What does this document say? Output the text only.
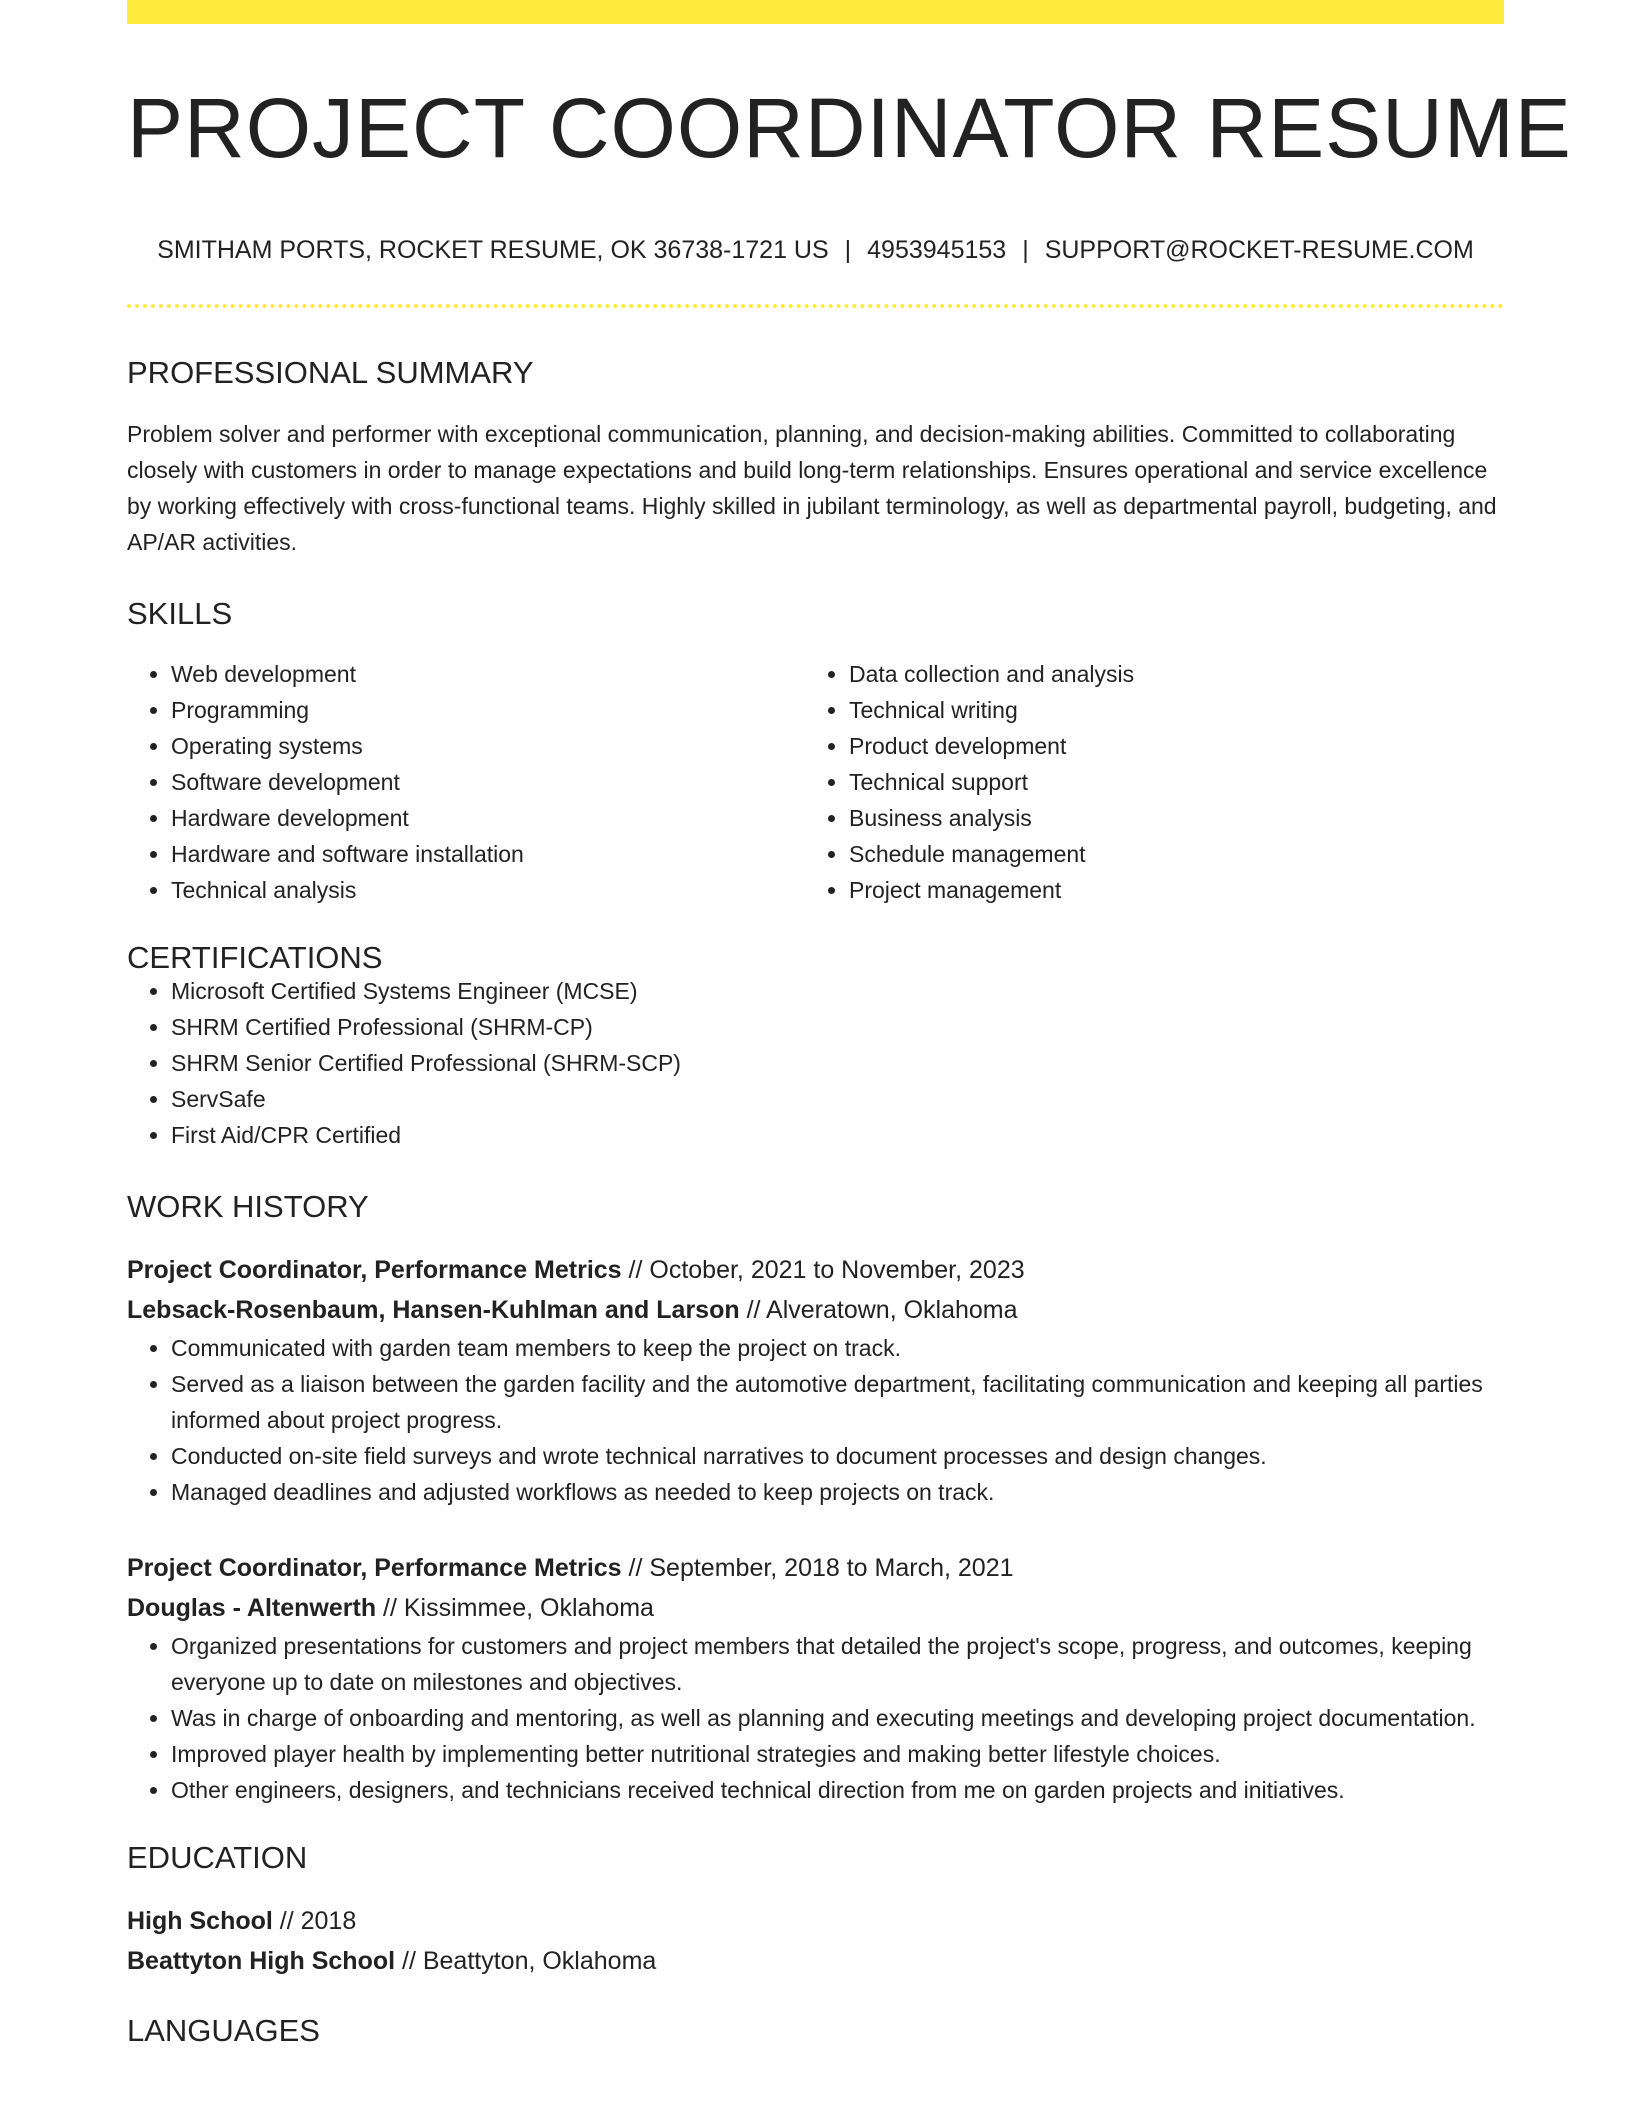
PROJECT COORDINATOR RESUME
SMITHAM PORTS, ROCKET RESUME, OK 36738-1721 US | 4953945153 | SUPPORT@ROCKET-RESUME.COM
PROFESSIONAL SUMMARY

Problem solver and performer with exceptional communication, planning, and decision-making abilities. Committed to collaborating closely with customers in order to manage expectations and build long-term relationships. Ensures operational and service excellence by working effectively with cross-functional teams. Highly skilled in jubilant terminology, as well as departmental payroll, budgeting, and AP/AR activities.

SKILLS
• Web development
• Programming
• Operating systems
• Software development
• Hardware development
• Hardware and software installation
• Technical analysis
• Data collection and analysis
• Technical writing
• Product development
• Technical support
• Business analysis
• Schedule management
• Project management
CERTIFICATIONS
• Microsoft Certified Systems Engineer (MCSE)
• SHRM Certified Professional (SHRM-CP)
• SHRM Senior Certified Professional (SHRM-SCP)
• ServSafe
• First Aid/CPR Certified
WORK HISTORY
Project Coordinator, Performance Metrics // October, 2021 to November, 2023
Lebsack-Rosenbaum, Hansen-Kuhlman and Larson // Alveratown, Oklahoma
• Communicated with garden team members to keep the project on track.
• Served as a liaison between the garden facility and the automotive department, facilitating communication and keeping all parties informed about project progress.
• Conducted on-site field surveys and wrote technical narratives to document processes and design changes.
• Managed deadlines and adjusted workflows as needed to keep projects on track.
Project Coordinator, Performance Metrics // September, 2018 to March, 2021
Douglas - Altenwerth // Kissimmee, Oklahoma
• Organized presentations for customers and project members that detailed the project's scope, progress, and outcomes, keeping everyone up to date on milestones and objectives.
• Was in charge of onboarding and mentoring, as well as planning and executing meetings and developing project documentation.
• Improved player health by implementing better nutritional strategies and making better lifestyle choices.
• Other engineers, designers, and technicians received technical direction from me on garden projects and initiatives.
EDUCATION
High School // 2018
Beattyton High School // Beattyton, Oklahoma
LANGUAGES
